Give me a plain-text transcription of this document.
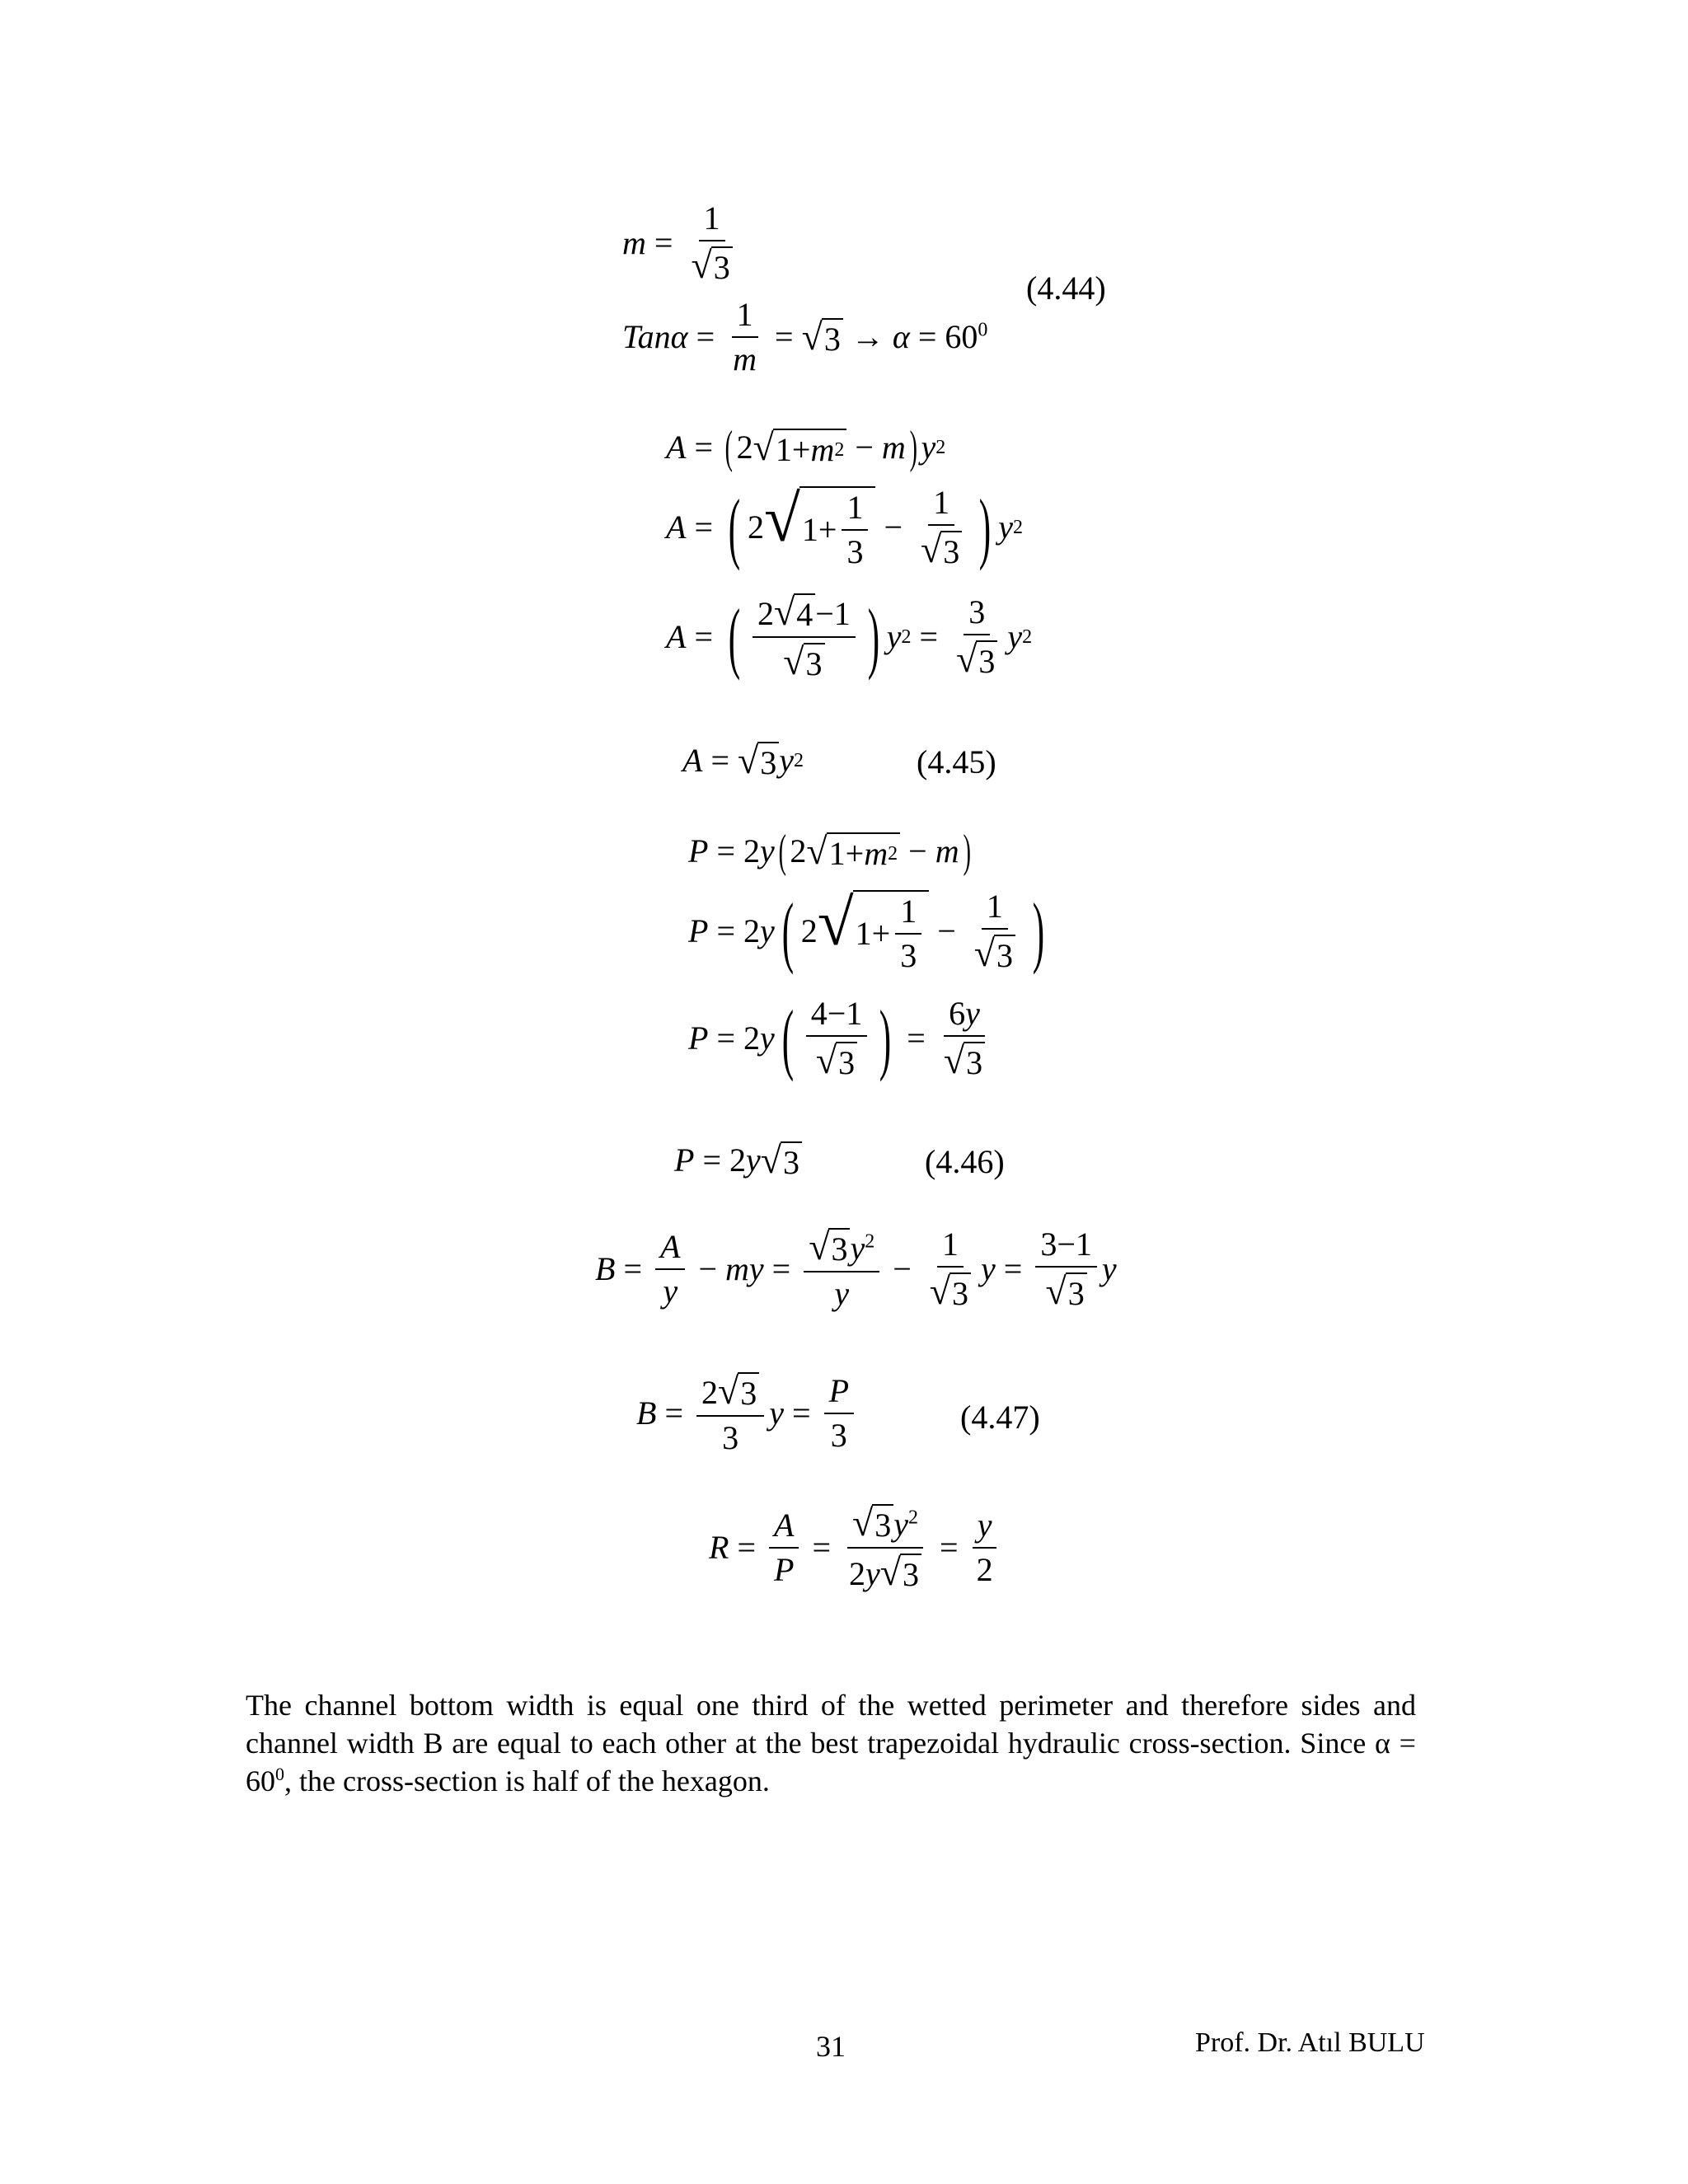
$m = \frac{1}{√ 3}$
$Tan\alpha = \frac{1}{m}$ = √ $3 \to \alpha = 60^0$
(4.44)
A = ( 2 √ 1+ m 2 − m ) y 2
A = ( 2 √ $1+ \frac{1}{3} - \frac{1}{√ 3}$ ) y 2
A = ( $\frac{2 √ 4 -1}{√ 3}$ ) y $2 = \frac{3}{√ 3}$ y 2
A = √ 3 y 2	(4.45)
P = 2 y ( 2 √ 1+ m 2 − m )
P = 2 y ( 2 √ $1+ \frac{1}{3} - \frac{1}{√ 3}$ )
P = 2 y ( $\frac{4-1}{√ 3}$ ) = $\frac{6y}{√ 3}$
P = 2 y √ 3	(4.46)
$B = \frac{A}{y}$ − my = $\frac{√ 3 y^2}{y} - \frac{1}{√ 3}$ $y = \frac{3-1}{√ 3}$ y
$B = \frac{2 √ 3}{3}$ $y = \frac{P}{3}$	(4.47)
$R = \frac{A}{P} = \frac{√ 3 y^2}{2y √ 3} = \frac{y}{2}$

The channel bottom width is equal one third of the wetted perimeter and therefore sides and channel width B are equal to each other at the best trapezoidal hydraulic cross-section. Since $\alpha = 60^0$, the cross-section is half of the hexagon.

31	Prof. Dr. Atıl BULU
